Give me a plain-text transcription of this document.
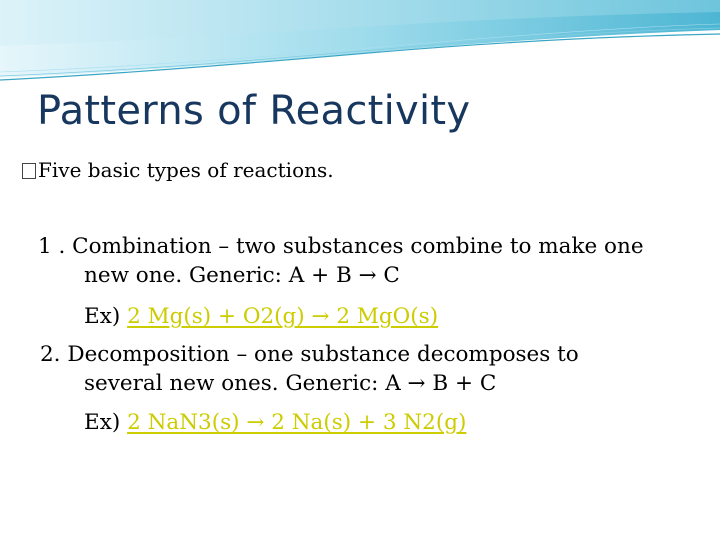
Patterns of Reactivity
Five basic types of reactions.
1 . Combination – two substances combine to make one
new one. Generic: A + B → C
Ex) 2 Mg(s) + O2(g) → 2 MgO(s)
2. Decomposition – one substance decomposes to
several new ones. Generic: A → B + C
Ex) 2 NaN3(s) → 2 Na(s) + 3 N2(g)
